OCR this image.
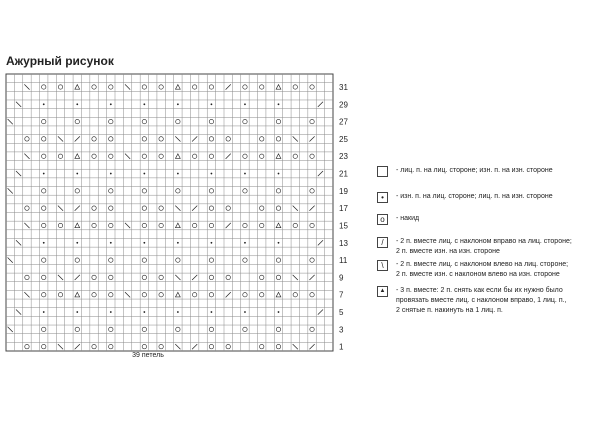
Ажурный рисунок
1
3
5
7
9
11
13
15
17
19
21
23
25
27
29
31
39 петель
- лиц. п. на лиц. стороне; изн. п. на изн. стороне
•	- изн. п. на лиц. стороне; лиц. п. на изн. стороне
o	- накид
/	- 2 п. вместе лиц. с наклоном вправо на лиц. стороне;
2 п. вместе изн. на изн. стороне
\	- 2 п. вместе лиц. с наклоном влево на лиц. стороне;
2 п. вместе изн. с наклоном влево на изн. стороне
▲	- 3 п. вместе: 2 п. снять как если бы их нужно было
провязать вместе лиц. с наклоном вправо, 1 лиц. п.,
2 снятые п. накинуть на 1 лиц. п.
